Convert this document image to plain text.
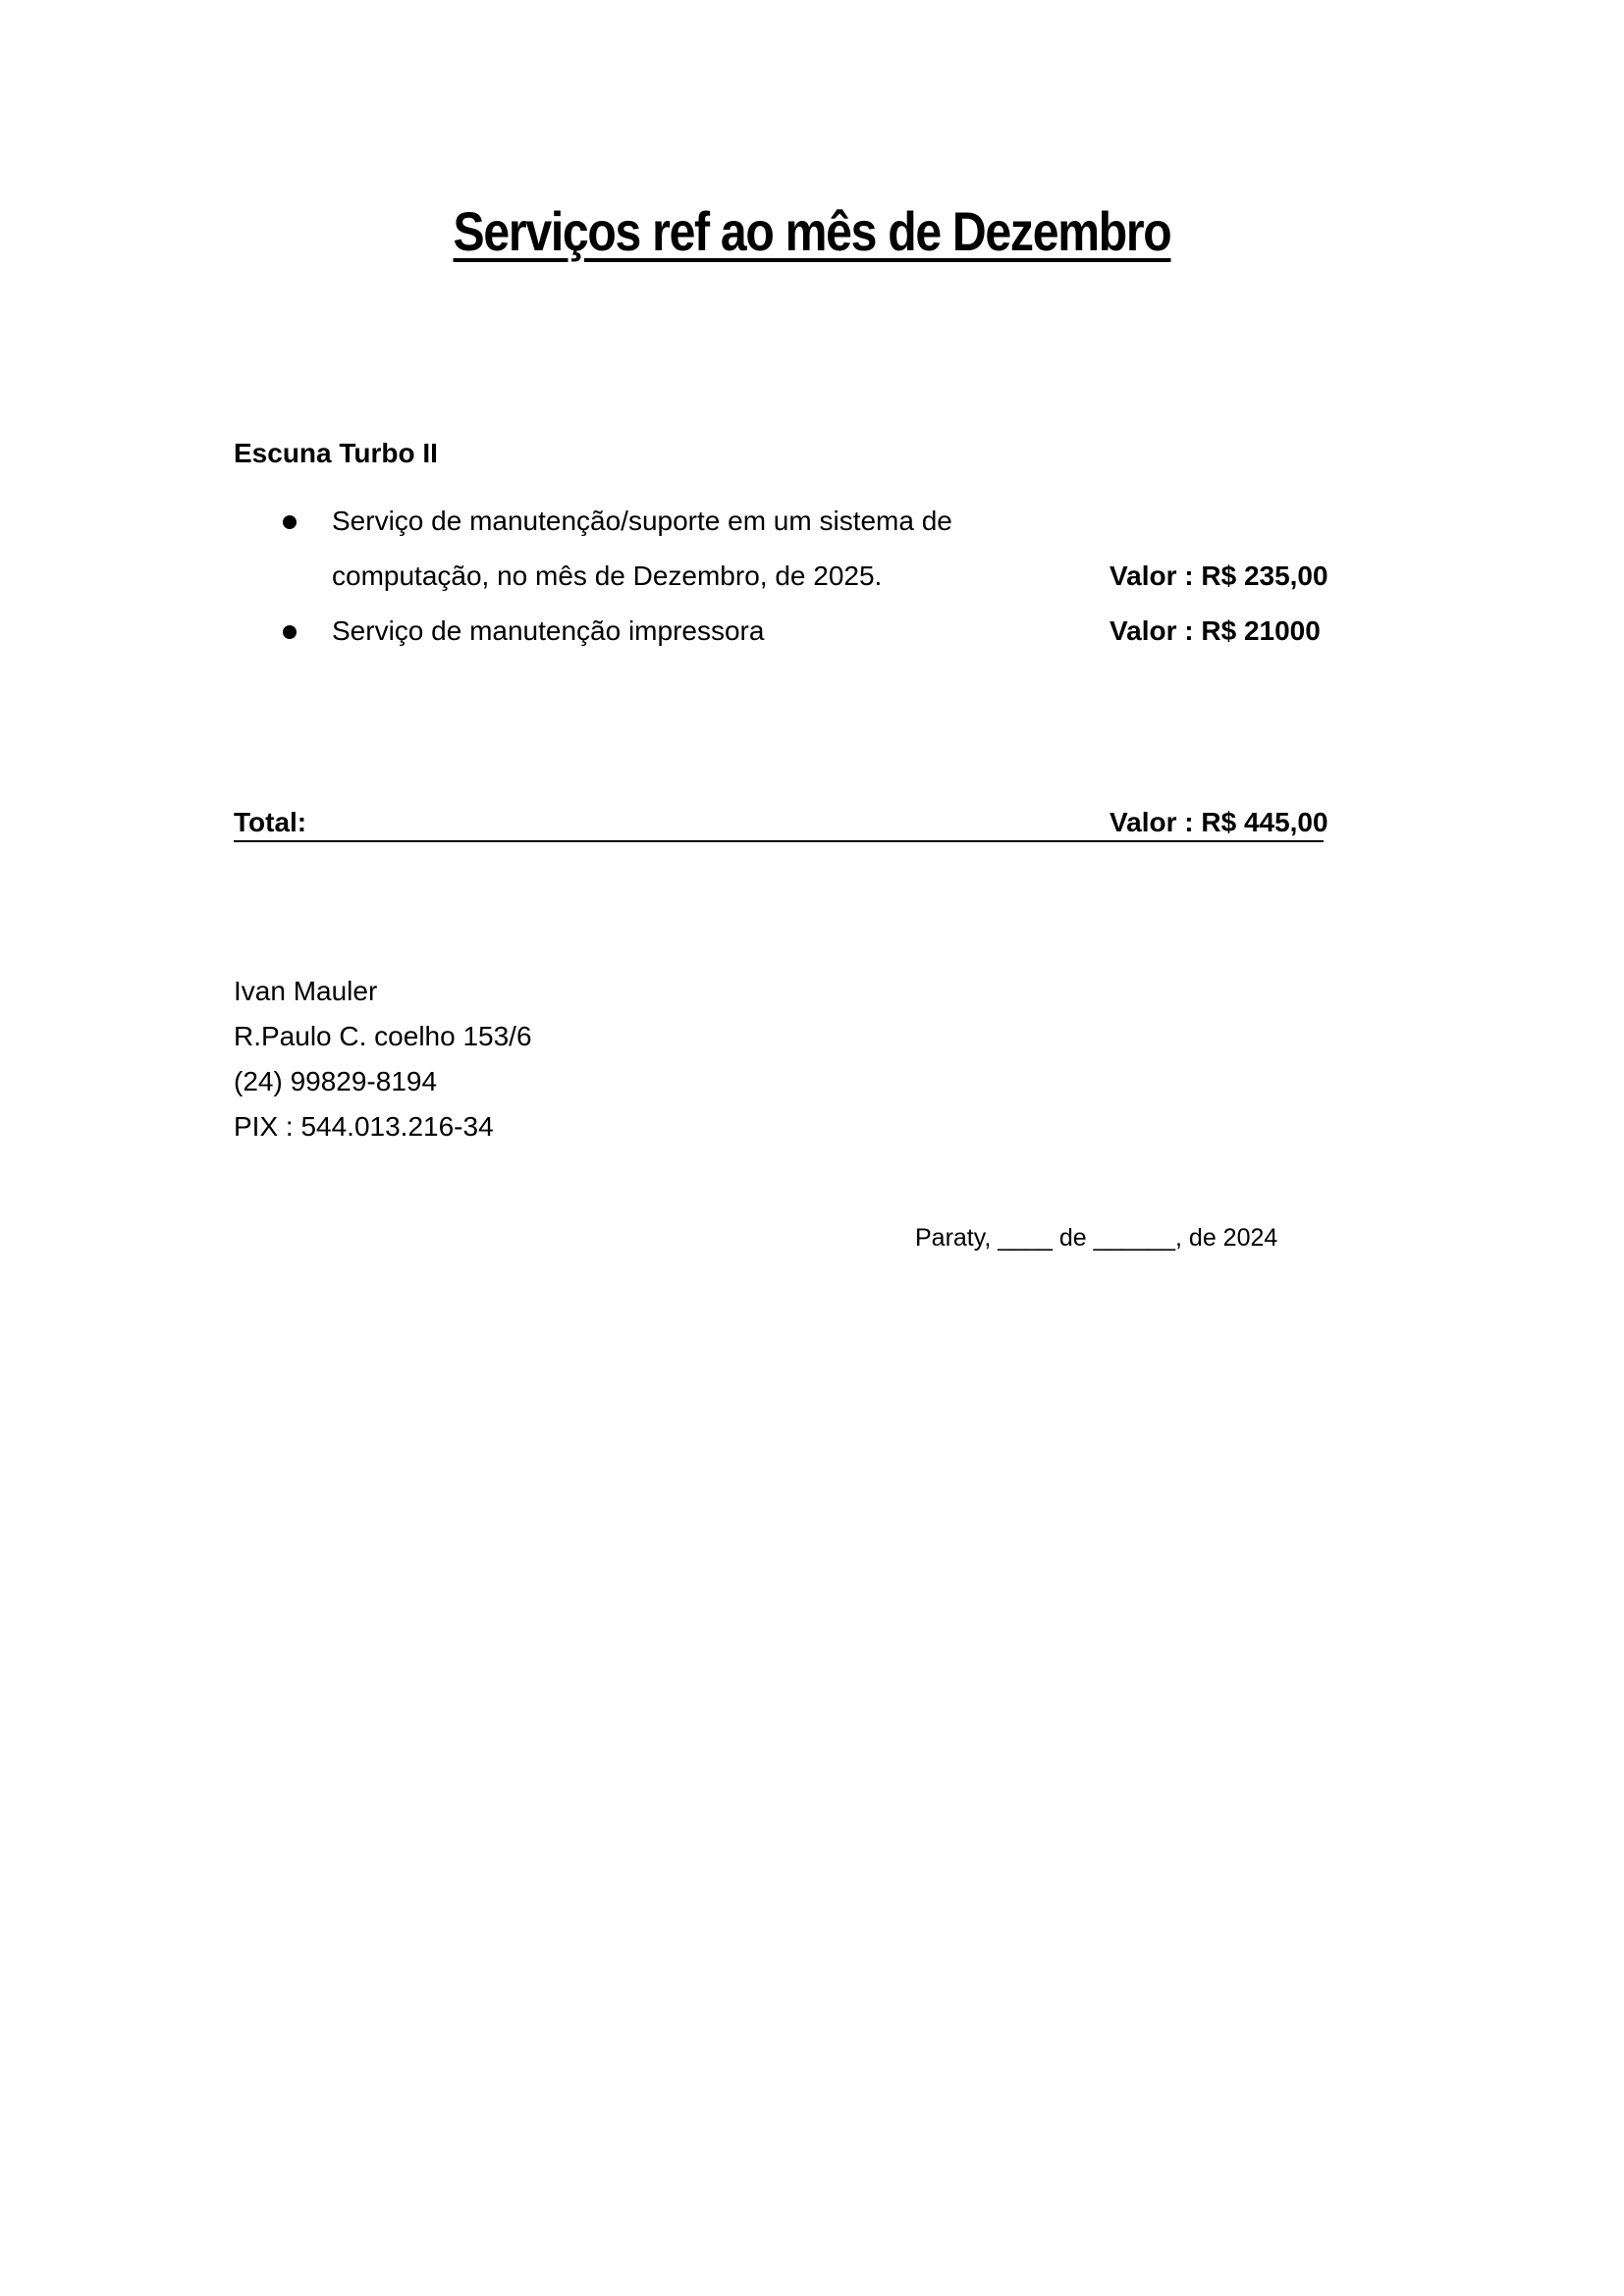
Serviços ref ao mês de Dezembro
Escuna Turbo II
Serviço de manutenção/suporte em um sistema de
computação, no mês de Dezembro, de 2025.	Valor : R$ 235,00
Serviço de manutenção impressora	Valor : R$ 21000
Total:	Valor : R$ 445,00
Ivan Mauler
R.Paulo C. coelho 153/6
(24) 99829-8194
PIX : 544.013.216-34
Paraty, ____ de ______, de 2024
